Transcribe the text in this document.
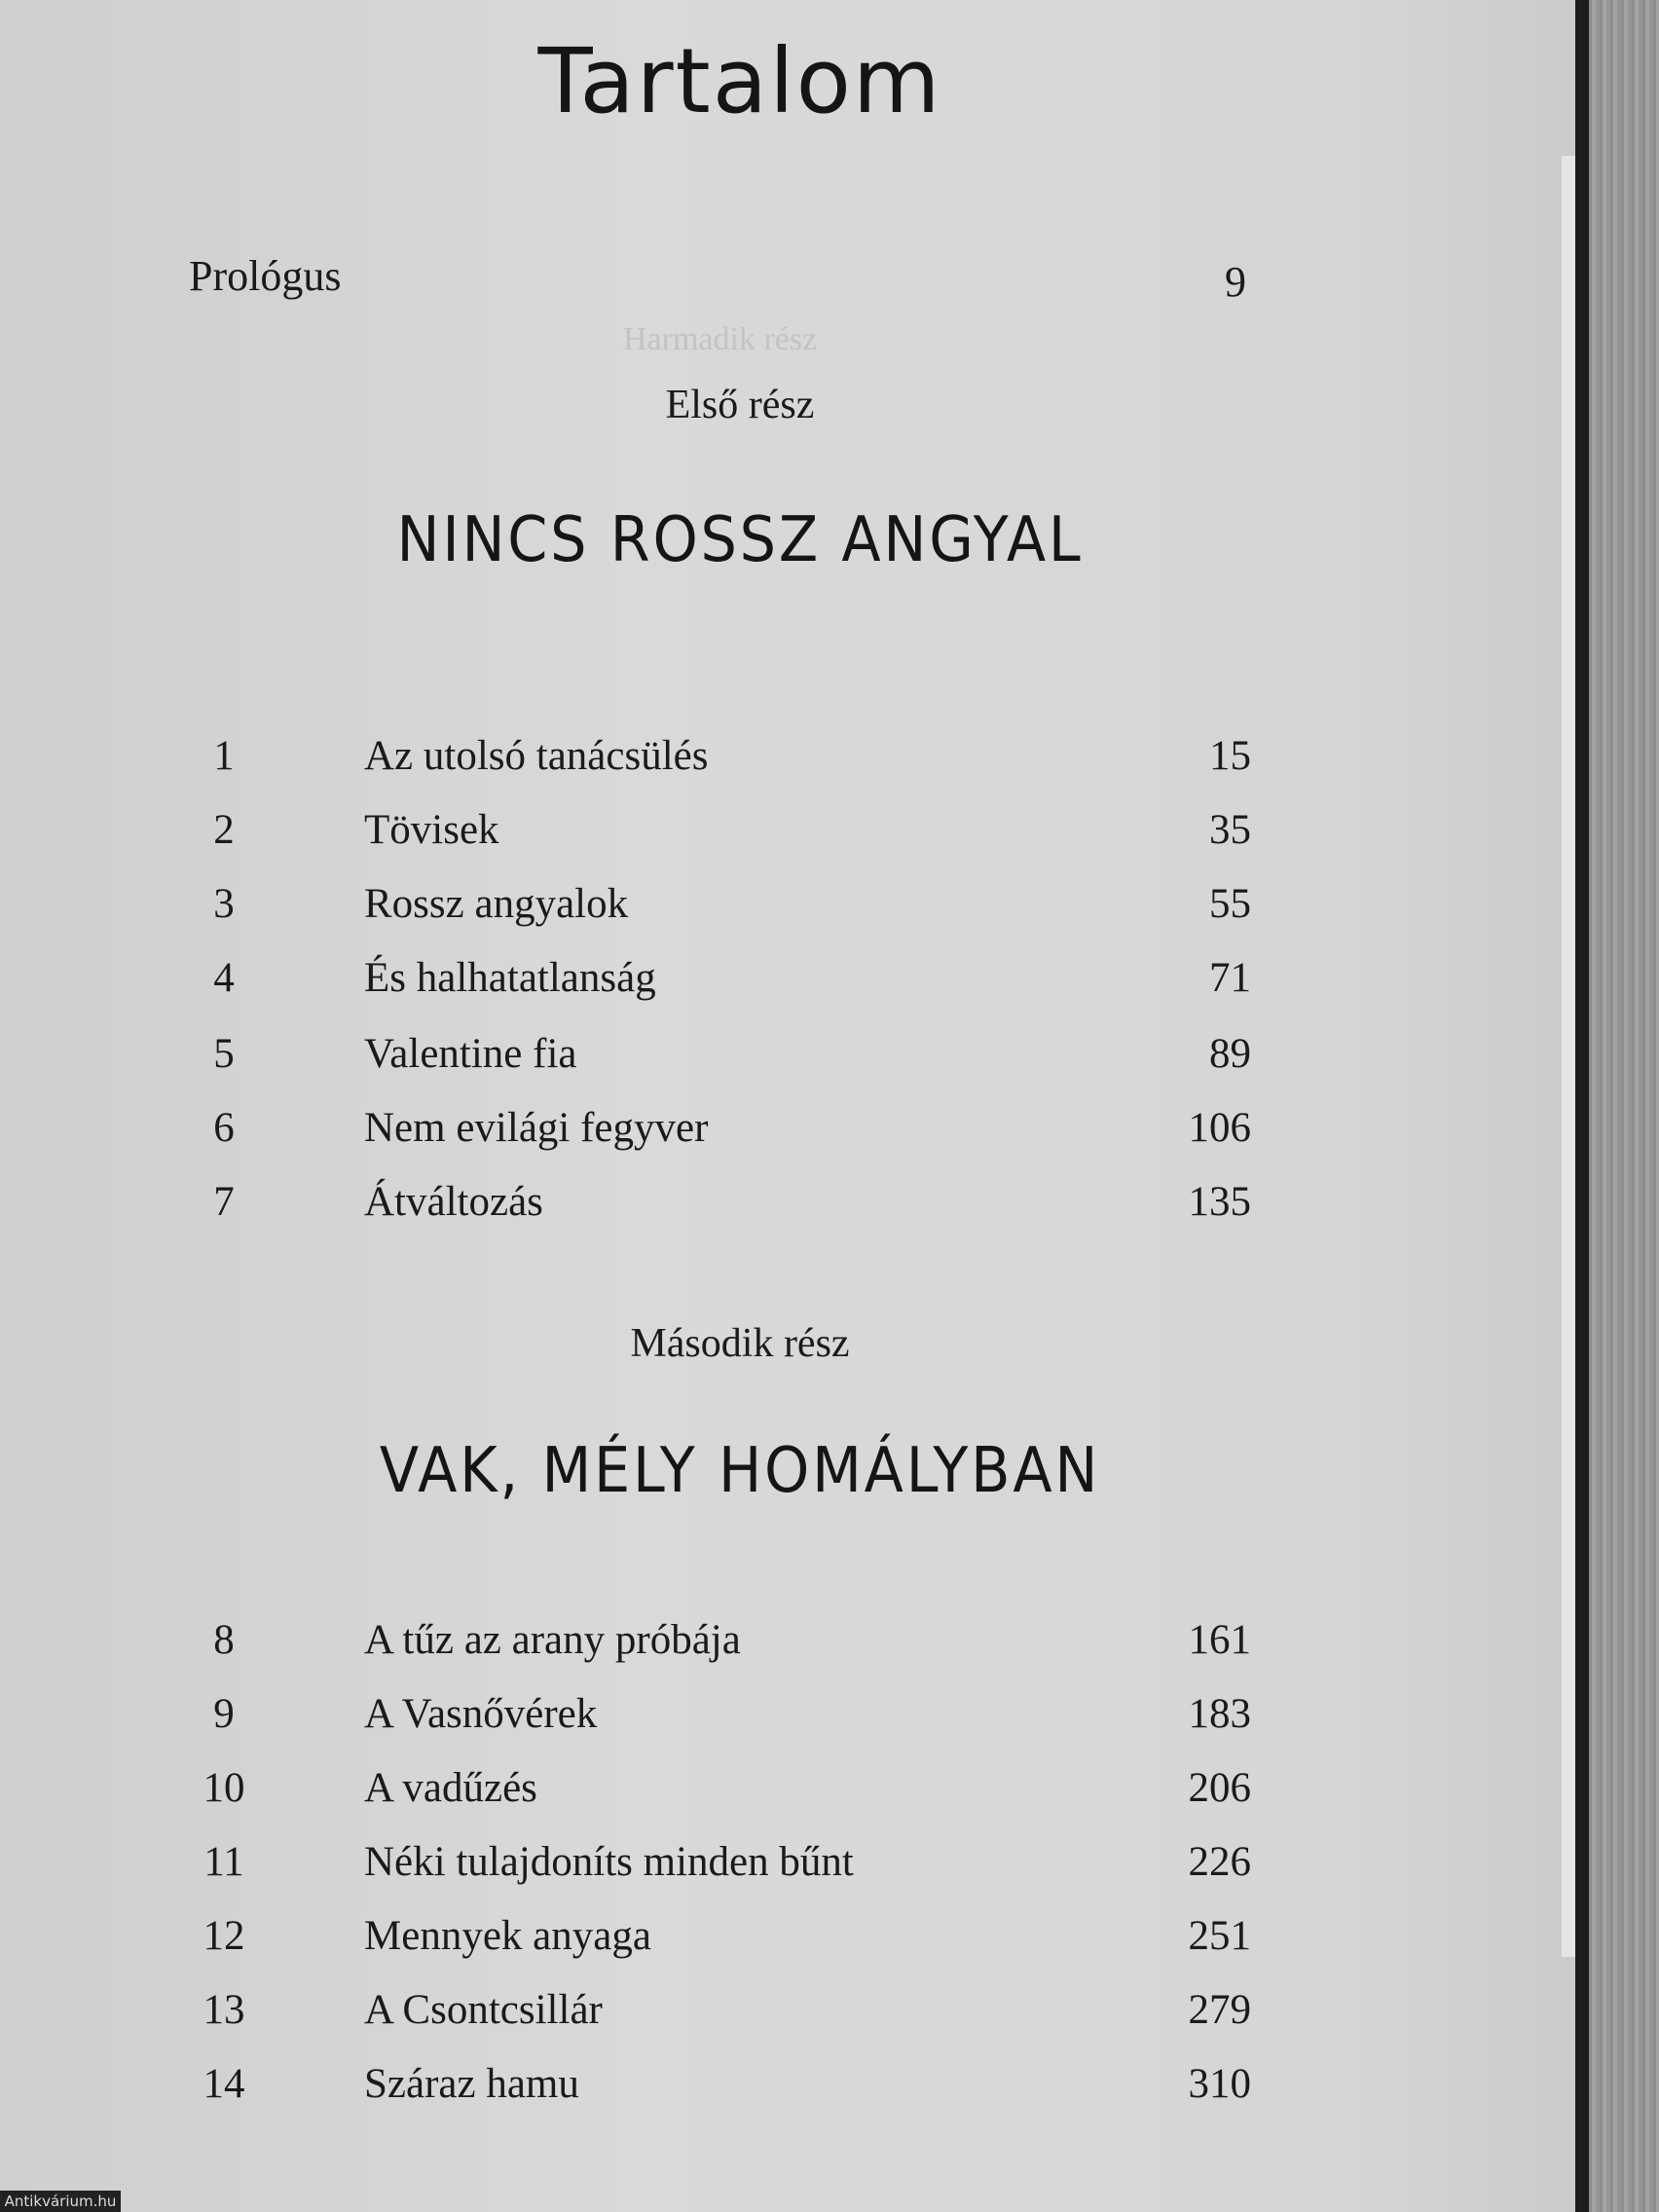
Harmadik rész
Tartalom
Prológus	9
Első rész
NINCS ROSSZ ANGYAL
1	Az utolsó tanácsülés	15
2	Tövisek	35
3	Rossz angyalok	55
4	És halhatatlanság	71
5	Valentine fia	89
6	Nem evilági fegyver	106
7	Átváltozás	135
Második rész
VAK, MÉLY HOMÁLYBAN
8	A tűz az arany próbája	161
9	A Vasnővérek	183
10	A vadűzés	206
11	Néki tulajdoníts minden bűnt	226
12	Mennyek anyaga	251
13	A Csontcsillár	279
14	Száraz hamu	310
Antikvárium.hu
